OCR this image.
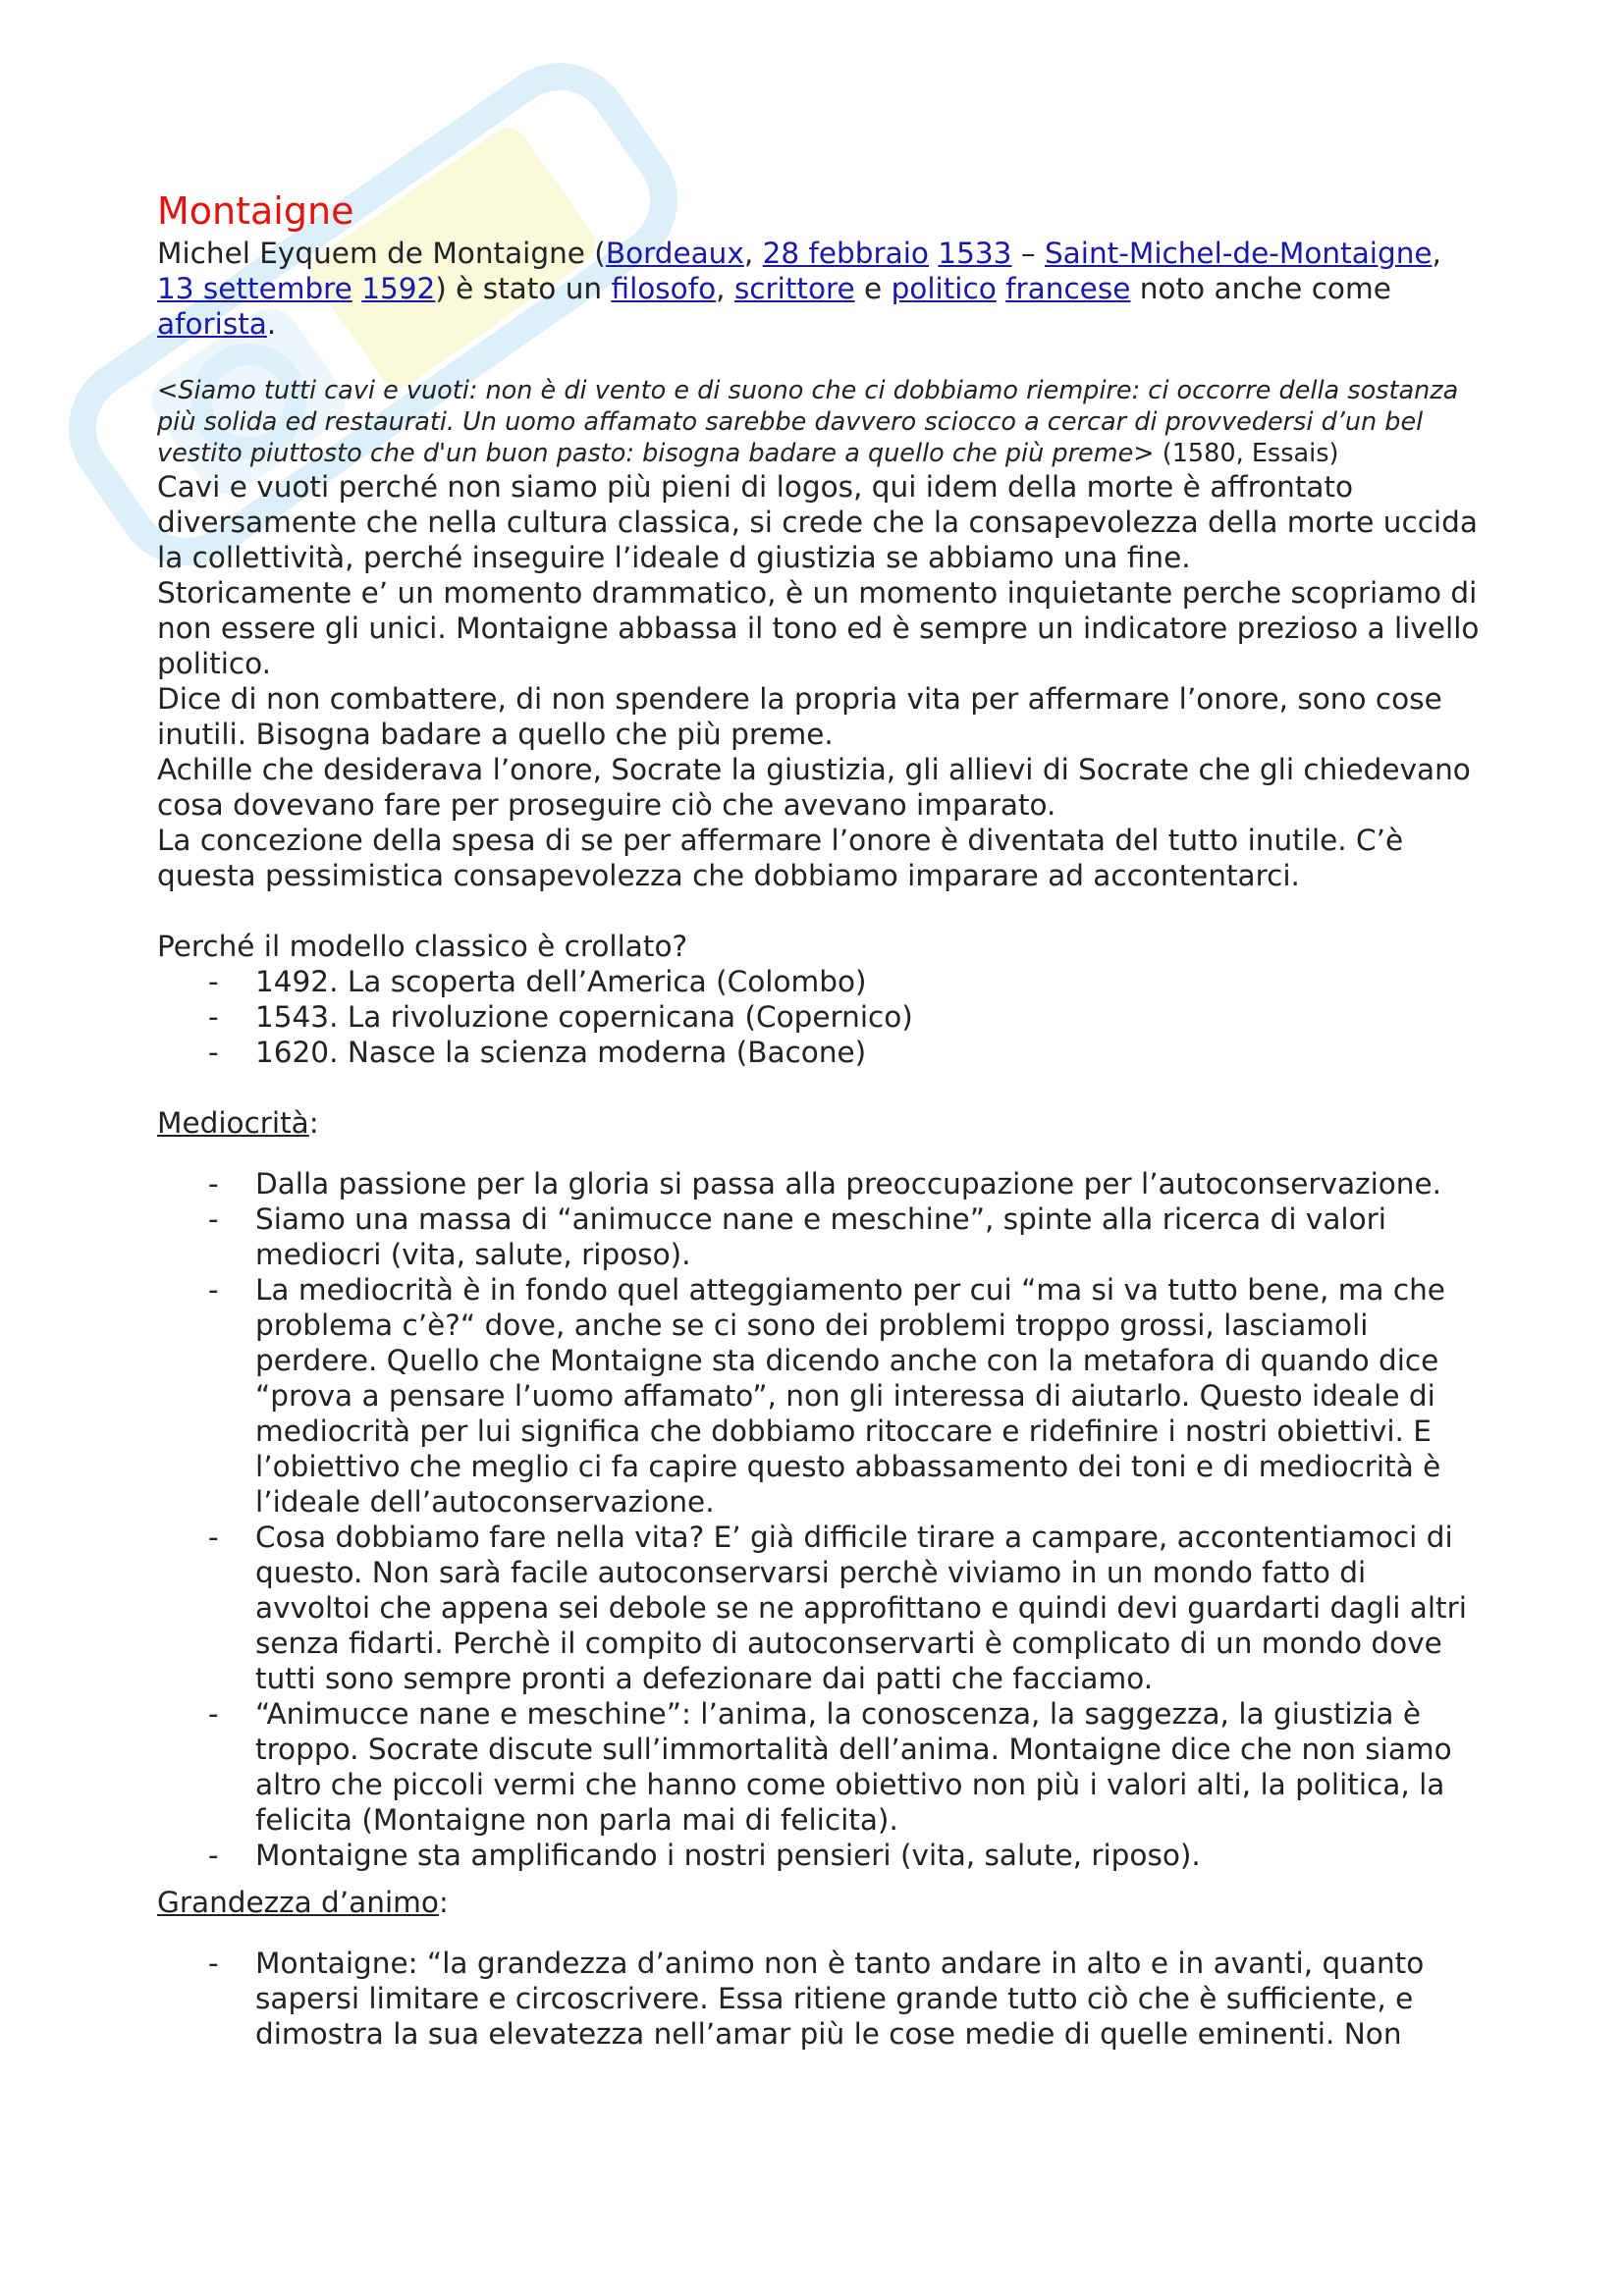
Montaigne

Michel Eyquem de Montaigne (Bordeaux, 28 febbraio 1533 – Saint-Michel-de-Montaigne, 13 settembre 1592) è stato un filosofo, scrittore e politico francese noto anche come aforista.

<Siamo tutti cavi e vuoti: non è di vento e di suono che ci dobbiamo riempire: ci occorre della sostanza più solida ed restaurati. Un uomo affamato sarebbe davvero sciocco a cercar di provvedersi d’un bel vestito piuttosto che d'un buon pasto: bisogna badare a quello che più preme> (1580, Essais)

Cavi e vuoti perché non siamo più pieni di logos, qui idem della morte è affrontato diversamente che nella cultura classica, si crede che la consapevolezza della morte uccida la collettività, perché inseguire l’ideale d giustizia se abbiamo una fine.

Storicamente e’ un momento drammatico, è un momento inquietante perche scopriamo di non essere gli unici. Montaigne abbassa il tono ed è sempre un indicatore prezioso a livello politico.

Dice di non combattere, di non spendere la propria vita per affermare l’onore, sono cose inutili. Bisogna badare a quello che più preme.

Achille che desiderava l’onore, Socrate la giustizia, gli allievi di Socrate che gli chiedevano cosa dovevano fare per proseguire ciò che avevano imparato.

La concezione della spesa di se per affermare l’onore è diventata del tutto inutile. C’è questa pessimistica consapevolezza che dobbiamo imparare ad accontentarci.

Perché il modello classico è crollato?

- 1492. La scoperta dell’America (Colombo)
- 1543. La rivoluzione copernicana (Copernico)
- 1620. Nasce la scienza moderna (Bacone)

Mediocrità:

- Dalla passione per la gloria si passa alla preoccupazione per l’autoconservazione.
- Siamo una massa di “animucce nane e meschine”, spinte alla ricerca di valori mediocri (vita, salute, riposo).
- La mediocrità è in fondo quel atteggiamento per cui “ma si va tutto bene, ma che problema c’è?“ dove, anche se ci sono dei problemi troppo grossi, lasciamoli perdere. Quello che Montaigne sta dicendo anche con la metafora di quando dice “prova a pensare l’uomo affamato”, non gli interessa di aiutarlo. Questo ideale di mediocrità per lui significa che dobbiamo ritoccare e ridefinire i nostri obiettivi. E l’obiettivo che meglio ci fa capire questo abbassamento dei toni e di mediocrità è l’ideale dell’autoconservazione.
- Cosa dobbiamo fare nella vita? E’ già difficile tirare a campare, accontentiamoci di questo. Non sarà facile autoconservarsi perchè viviamo in un mondo fatto di avvoltoi che appena sei debole se ne approfittano e quindi devi guardarti dagli altri senza fidarti. Perchè il compito di autoconservarti è complicato di un mondo dove tutti sono sempre pronti a defezionare dai patti che facciamo.
- “Animucce nane e meschine”: l’anima, la conoscenza, la saggezza, la giustizia è troppo. Socrate discute sull’immortalità dell’anima. Montaigne dice che non siamo altro che piccoli vermi che hanno come obiettivo non più i valori alti, la politica, la felicita (Montaigne non parla mai di felicita).
- Montaigne sta amplificando i nostri pensieri (vita, salute, riposo).

Grandezza d’animo:

- Montaigne: “la grandezza d’animo non è tanto andare in alto e in avanti, quanto sapersi limitare e circoscrivere. Essa ritiene grande tutto ciò che è sufficiente, e dimostra la sua elevatezza nell’amar più le cose medie di quelle eminenti. Non
